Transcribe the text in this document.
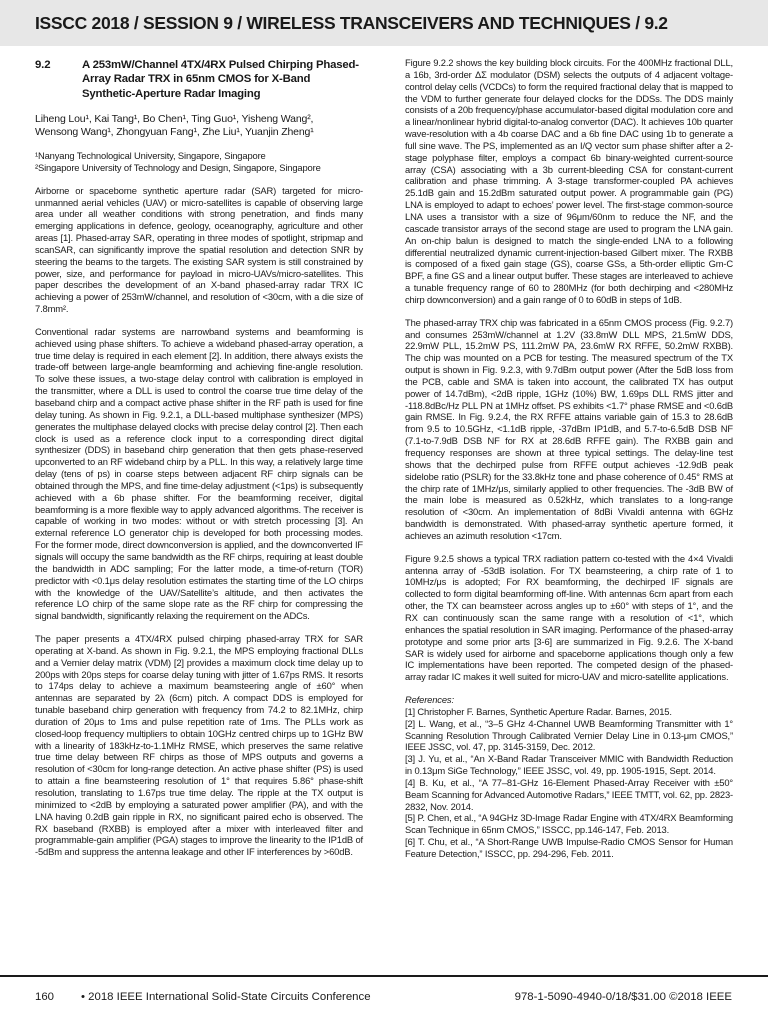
ISSCC 2018 / SESSION 9 / WIRELESS TRANSCEIVERS AND TECHNIQUES / 9.2
9.2	A 253mW/Channel 4TX/4RX Pulsed Chirping Phased-Array Radar TRX in 65nm CMOS for X-Band Synthetic-Aperture Radar Imaging
Liheng Lou¹, Kai Tang¹, Bo Chen¹, Ting Guo¹, Yisheng Wang²,
Wensong Wang¹, Zhongyuan Fang¹, Zhe Liu¹, Yuanjin Zheng¹
¹Nanyang Technological University, Singapore, Singapore
²Singapore University of Technology and Design, Singapore, Singapore

Airborne or spaceborne synthetic aperture radar (SAR) targeted for micro-unmanned aerial vehicles (UAV) or micro-satellites is capable of observing large area under all weather conditions with strong penetration, and finds many emerging applications in defence, geology, oceanography, agriculture and other areas [1]. Phased-array SAR, operating in three modes of spotlight, stripmap and scanSAR, can significantly improve the spatial resolution and detection SNR by steering the beams to the targets. The existing SAR system is still constrained by power, size, and performance for payload in micro-UAVs/micro-satellites. This paper describes the development of an X-band phased-array radar TRX IC achieving a power of 253mW/channel, and resolution of <30cm, with a die size of 7.8mm².

Conventional radar systems are narrowband systems and beamforming is achieved using phase shifters. To achieve a wideband phased-array operation, a true time delay is required in each element [2]. In addition, there always exists the trade-off between large-angle beamforming and achieving fine-angle resolution. To solve these issues, a two-stage delay control with calibration is employed in the transmitter, where a DLL is used to control the coarse true time delay of the baseband chirp and a compact active phase shifter in the RF path is used for fine delay tuning. As shown in Fig. 9.2.1, a DLL-based multiphase synthesizer (MPS) generates the multiphase delayed clocks with precise delay control [2]. Then each clock is used as a reference clock input to a corresponding direct digital synthesizer (DDS) in baseband chirp generation that then gets phase-reserved upconverted to an RF wideband chirp by a PLL. In this way, a relatively large time delay (tens of ps) in coarse steps between adjacent RF chirp signals can be obtained through the MPS, and fine time-delay adjustment (<1ps) is subsequently achieved with a 6b phase shifter. For the beamforming receiver, digital beamforming is a more flexible way to apply advanced algorithms. The receiver is capable of working in two modes: without or with stretch processing [3]. An external reference LO generator chip is developed for both processing modes. For the former mode, direct downconversion is applied, and the downconverted IF signals will occupy the same bandwidth as the RF chirps, requiring at least double the bandwidth in ADC sampling; For the latter mode, a time-of-return (TOR) predictor with <0.1μs delay resolution estimates the starting time of the LO chirps with the knowledge of the UAV/Satellite’s altitude, and then activates the reference LO chirp of the same slope rate as the RF chirp for compressing the signal bandwidth, significantly relaxing the requirement on the ADCs.

The paper presents a 4TX/4RX pulsed chirping phased-array TRX for SAR operating at X-band. As shown in Fig. 9.2.1, the MPS employing fractional DLLs and a Vernier delay matrix (VDM) [2] provides a maximum clock time delay up to 200ps with 20ps steps for coarse delay tuning with jitter of 1.67ps RMS. It resorts to 174ps delay to achieve a maximum beamsteering angle of ±60° when antennas are separated by 2λ (6cm) pitch. A compact DDS is employed for tunable baseband chirp generation with frequency from 74.2 to 82.1MHz, chirp duration of 20μs to 1ms and pulse repetition rate of 1ms. The PLLs work as closed-loop frequency multipliers to obtain 10GHz centred chirps up to 1GHz BW with a linearity of 183kHz-to-1.1MHz RMSE, which preserves the same relative true time delay between RF chirps as those of MPS outputs and governs a resolution of <30cm for long-range detection. An active phase shifter (PS) is used to attain a fine beamsteering resolution of 1° that requires 5.86° phase-shift resolution, translating to 1.67ps true time delay. The ripple at the TX output is minimized to <2dB by employing a saturated power amplifier (PA), and with the LNA having 0.2dB gain ripple in RX, no significant paired echo is observed. The RX baseband (RXBB) is employed after a mixer with interleaved filter and programmable-gain amplifier (PGA) stages to improve the linearity to the IP1dB of -5dBm and suppress the antenna leakage and other IF interferences by >60dB.

Figure 9.2.2 shows the key building block circuits. For the 400MHz fractional DLL, a 16b, 3rd-order ΔΣ modulator (DSM) selects the outputs of 4 adjacent voltage-control delay cells (VCDCs) to form the required fractional delay that is mapped to the VDM to further generate four delayed clocks for the DDSs. The DDS mainly consists of a 20b frequency/phase accumulator-based digital modulation core and a linear/nonlinear hybrid digital-to-analog convertor (DAC). It achieves 10b quarter wave-resolution with a 4b coarse DAC and a 6b fine DAC using 1b to generate a full sine wave. The PS, implemented as an I/Q vector sum phase shifter after a 2-stage polyphase filter, employs a compact 6b binary-weighted current-source array (CSA) associating with a 3b current-bleeding CSA for constant-current calibration and phase trimming. A 3-stage transformer-coupled PA achieves 25.1dB gain and 15.2dBm saturated output power. A programmable gain (PG) LNA is employed to adapt to echoes’ power level. The first-stage common-source LNA uses a transistor with a size of 96μm/60nm to reduce the NF, and the cascade transistor arrays of the second stage are used to program the LNA gain. An on-chip balun is designed to match the single-ended LNA to a following differential neutralized dynamic current-injection-based Gilbert mixer. The RXBB is composed of a fixed gain stage (GS), coarse GSs, a 5th-order elliptic Gm-C BPF, a fine GS and a linear output buffer. These stages are interleaved to achieve a tunable frequency range of 60 to 280MHz (for both dechirping and <280MHz chirp downconversion) and a gain range of 0 to 60dB in steps of 1dB.

The phased-array TRX chip was fabricated in a 65nm CMOS process (Fig. 9.2.7) and consumes 253mW/channel at 1.2V (33.8mW DLL MPS, 21.5mW DDS, 22.9mW PLL, 15.2mW PS, 111.2mW PA, 23.6mW RX RFFE, 50.2mW RXBB). The chip was mounted on a PCB for testing. The measured spectrum of the TX output is shown in Fig. 9.2.3, with 9.7dBm output power (After the 5dB loss from the PCB, cable and SMA is taken into account, the calibrated TX has output power of 14.7dBm), <2dB ripple, 1GHz (10%) BW, 1.69ps DLL RMS jitter and -118.8dBc/Hz PLL PN at 1MHz offset. PS exhibits <1.7° phase RMSE and <0.6dB gain RMSE. In Fig. 9.2.4, the RX RFFE attains variable gain of 15.3 to 28.6dB from 9.5 to 10.5GHz, <1.1dB ripple, -37dBm IP1dB, and 5.7-to-6.5dB DSB NF (7.1-to-7.9dB DSB NF for RX at 28.6dB RFFE gain). The RXBB gain and frequency responses are shown at three typical settings. The delay-line test shows that the dechirped pulse from RFFE output achieves -12.9dB peak sidelobe ratio (PSLR) for the 33.8kHz tone and phase coherence of 0.45° RMS at the chirp rate of 1MHz/μs, similarly applied to other frequencies. The -3dB BW of the main lobe is measured as 0.52kHz, which translates to a long-range resolution of <30cm. An implementation of 8dBi Vivaldi antenna with 6GHz bandwidth is demonstrated. With phased-array synthetic aperture formed, it achieves an azimuth resolution <17cm.

Figure 9.2.5 shows a typical TRX radiation pattern co-tested with the 4×4 Vivaldi antenna array of -53dB isolation. For TX beamsteering, a chirp rate of 1 to 10MHz/μs is adopted; For RX beamforming, the dechirped IF signals are collected to form digital beamforming off-line. With antennas 6cm apart from each other, the TX can beamsteer across angles up to ±60° with steps of 1°, and the RX can continuously scan the same range with a resolution of <1°, which enhances the spatial resolution in SAR imaging. Performance of the phased-array prototype and some prior arts [3-6] are summarized in Fig. 9.2.6. The X-band SAR is widely used for airborne and spaceborne applications though only a few IC implementations have been reported. The competed design of the phased-array radar IC makes it well suited for micro-UAV and micro-satellite applications.

References:

[1] Christopher F. Barnes, Synthetic Aperture Radar. Barnes, 2015.

[2] L. Wang, et al., “3–5 GHz 4-Channel UWB Beamforming Transmitter with 1° Scanning Resolution Through Calibrated Vernier Delay Line in 0.13-μm CMOS,” IEEE JSSC, vol. 47, pp. 3145-3159, Dec. 2012.

[3] J. Yu, et al., “An X-Band Radar Transceiver MMIC with Bandwidth Reduction in 0.13μm SiGe Technology,” IEEE JSSC, vol. 49, pp. 1905-1915, Sept. 2014.

[4] B. Ku, et al., “A 77–81-GHz 16-Element Phased-Array Receiver with ±50° Beam Scanning for Advanced Automotive Radars,” IEEE TMTT, vol. 62, pp. 2823-2832, Nov. 2014.

[5] P. Chen, et al., “A 94GHz 3D-Image Radar Engine with 4TX/4RX Beamforming Scan Technique in 65nm CMOS,” ISSCC, pp.146-147, Feb. 2013.

[6] T. Chu, et al., “A Short-Range UWB Impulse-Radio CMOS Sensor for Human Feature Detection,” ISSCC, pp. 294-296, Feb. 2011.

160 • 2018 IEEE International Solid-State Circuits Conference	978-1-5090-4940-0/18/$31.00 ©2018 IEEE
